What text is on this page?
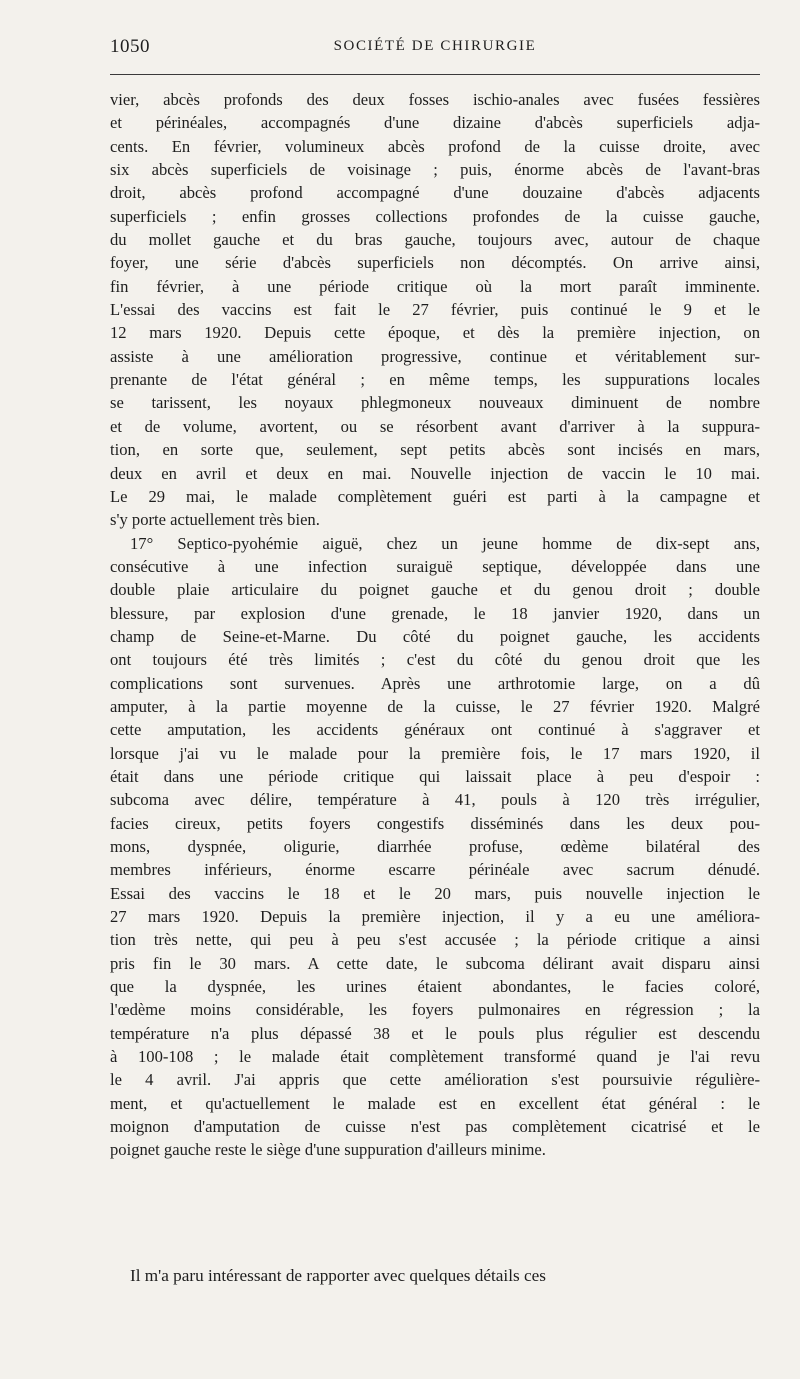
1050	SOCIÉTÉ DE CHIRURGIE

vier, abcès profonds des deux fosses ischio-anales avec fusées fessières

et périnéales, accompagnés d'une dizaine d'abcès superficiels adja-

cents. En février, volumineux abcès profond de la cuisse droite, avec

six abcès superficiels de voisinage ; puis, énorme abcès de l'avant-bras

droit, abcès profond accompagné d'une douzaine d'abcès adjacents

superficiels ; enfin grosses collections profondes de la cuisse gauche,

du mollet gauche et du bras gauche, toujours avec, autour de chaque

foyer, une série d'abcès superficiels non décomptés. On arrive ainsi,

fin février, à une période critique où la mort paraît imminente.

L'essai des vaccins est fait le 27 février, puis continué le 9 et le

12 mars 1920. Depuis cette époque, et dès la première injection, on

assiste à une amélioration progressive, continue et véritablement sur-

prenante de l'état général ; en même temps, les suppurations locales

se tarissent, les noyaux phlegmoneux nouveaux diminuent de nombre

et de volume, avortent, ou se résorbent avant d'arriver à la suppura-

tion, en sorte que, seulement, sept petits abcès sont incisés en mars,

deux en avril et deux en mai. Nouvelle injection de vaccin le 10 mai.

Le 29 mai, le malade complètement guéri est parti à la campagne et

s'y porte actuellement très bien.

17° Septico-pyohémie aiguë, chez un jeune homme de dix-sept ans,

consécutive à une infection suraiguë septique, développée dans une

double plaie articulaire du poignet gauche et du genou droit ; double

blessure, par explosion d'une grenade, le 18 janvier 1920, dans un

champ de Seine-et-Marne. Du côté du poignet gauche, les accidents

ont toujours été très limités ; c'est du côté du genou droit que les

complications sont survenues. Après une arthrotomie large, on a dû

amputer, à la partie moyenne de la cuisse, le 27 février 1920. Malgré

cette amputation, les accidents généraux ont continué à s'aggraver et

lorsque j'ai vu le malade pour la première fois, le 17 mars 1920, il

était dans une période critique qui laissait place à peu d'espoir :

subcoma avec délire, température à 41, pouls à 120 très irrégulier,

facies cireux, petits foyers congestifs disséminés dans les deux pou-

mons, dyspnée, oligurie, diarrhée profuse, œdème bilatéral des

membres inférieurs, énorme escarre périnéale avec sacrum dénudé.

Essai des vaccins le 18 et le 20 mars, puis nouvelle injection le

27 mars 1920. Depuis la première injection, il y a eu une améliora-

tion très nette, qui peu à peu s'est accusée ; la période critique a ainsi

pris fin le 30 mars. A cette date, le subcoma délirant avait disparu ainsi

que la dyspnée, les urines étaient abondantes, le facies coloré,

l'œdème moins considérable, les foyers pulmonaires en régression ; la

température n'a plus dépassé 38 et le pouls plus régulier est descendu

à 100-108 ; le malade était complètement transformé quand je l'ai revu

le 4 avril. J'ai appris que cette amélioration s'est poursuivie régulière-

ment, et qu'actuellement le malade est en excellent état général : le

moignon d'amputation de cuisse n'est pas complètement cicatrisé et le

poignet gauche reste le siège d'une suppuration d'ailleurs minime.

Il m'a paru intéressant de rapporter avec quelques détails ces
